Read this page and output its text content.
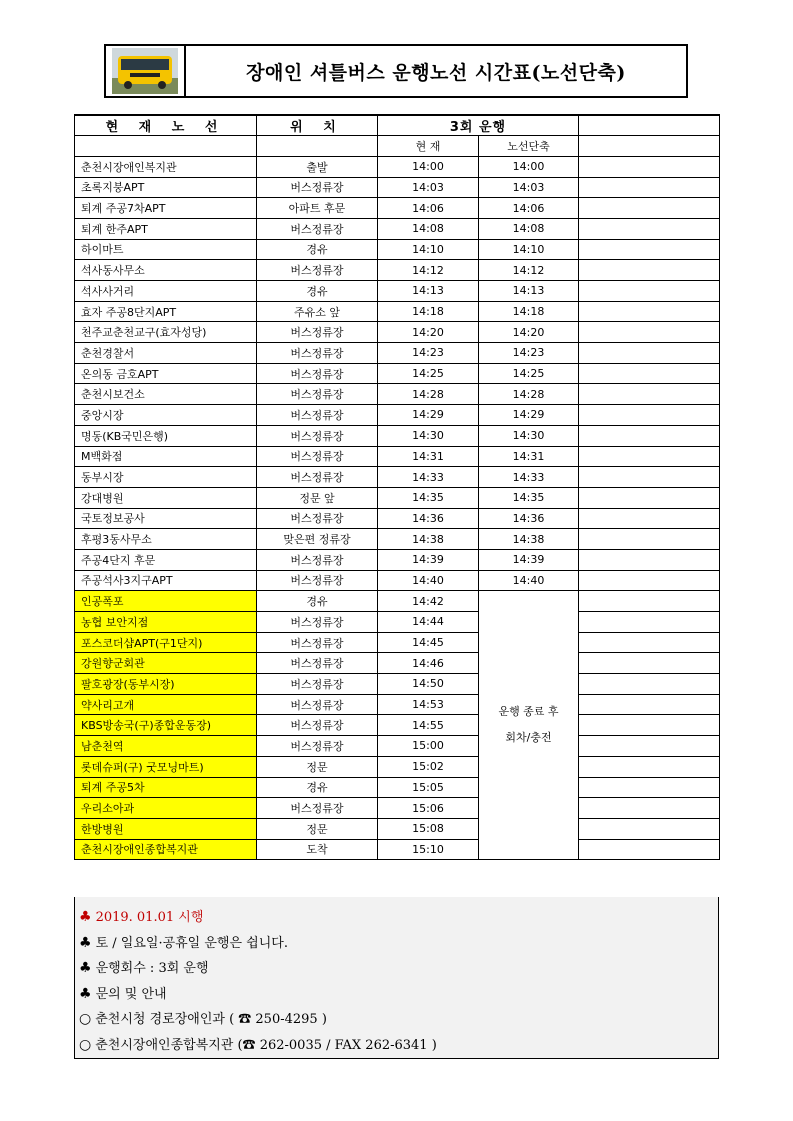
장애인 셔틀버스 운행노선 시간표(노선단축)
현 재 노 선	위 치	3회 운행		
		현 재	노선단축	
춘천시장애인복지관	출발	14:00	14:00	
초록지붕APT	버스정류장	14:03	14:03	
퇴계 주공7차APT	아파트 후문	14:06	14:06	
퇴계 한주APT	버스정류장	14:08	14:08	
하이마트	경유	14:10	14:10	
석사동사무소	버스정류장	14:12	14:12	
석사사거리	경유	14:13	14:13	
효자 주공8단지APT	주유소 앞	14:18	14:18	
천주교춘천교구(효자성당)	버스정류장	14:20	14:20	
춘천경찰서	버스정류장	14:23	14:23	
온의동 금호APT	버스정류장	14:25	14:25	
춘천시보건소	버스정류장	14:28	14:28	
중앙시장	버스정류장	14:29	14:29	
명동(KB국민은행)	버스정류장	14:30	14:30	
M백화점	버스정류장	14:31	14:31	
동부시장	버스정류장	14:33	14:33	
강대병원	정문 앞	14:35	14:35	
국토정보공사	버스정류장	14:36	14:36	
후평3동사무소	맞은편 정류장	14:38	14:38	
주공4단지 후문	버스정류장	14:39	14:39	
주공석사3지구APT	버스정류장	14:40	14:40	
인공폭포	경유	14:42	운행 종료 후
회차/충전	

농협 보안지점	버스정류장	14:44		
포스코더샵APT(구1단지)	버스정류장	14:45		
강원향군회관	버스정류장	14:46		
팔호광장(동부시장)	버스정류장	14:50		
약사리고개	버스정류장	14:53		
KBS방송국(구)종합운동장)	버스정류장	14:55		
남춘천역	버스정류장	15:00		
롯데슈퍼(구) 굿모닝마트)	정문	15:02		
퇴계 주공5차	경유	15:05		
우리소아과	버스정류장	15:06		
한방병원	정문	15:08		
춘천시장애인종합복지관	도착	15:10		
♣ 2019. 01.01 시행
♣ 토 / 일요일·공휴일 운행은 쉽니다.
♣ 운행회수 : 3회 운행
♣ 문의 및 안내
○ 춘천시청 경로장애인과 ( ☎ 250-4295 )
○ 춘천시장애인종합복지관 (☎ 262-0035 / FAX 262-6341 )
